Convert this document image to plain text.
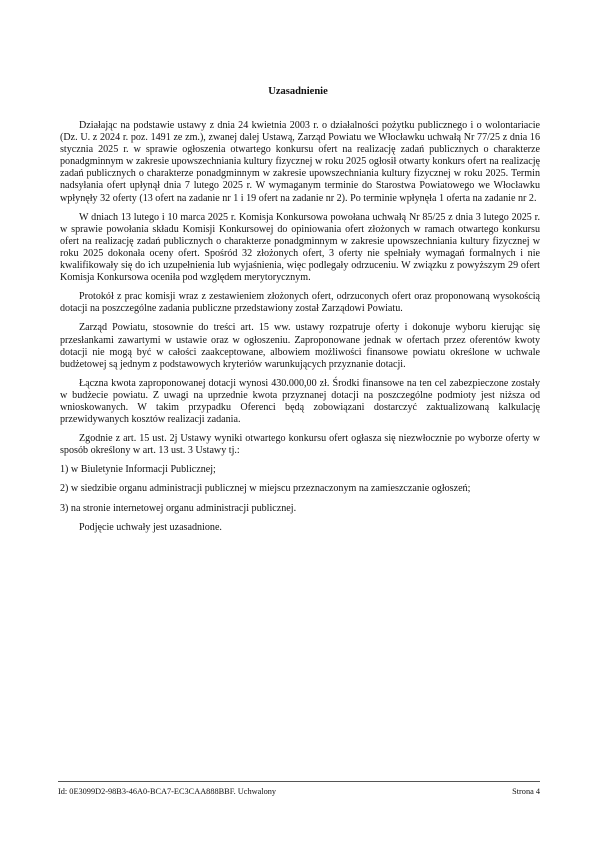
Uzasadnienie

Działając na podstawie ustawy z dnia 24 kwietnia 2003 r. o działalności pożytku publicznego i o wolontariacie (Dz. U. z 2024 r. poz. 1491 ze zm.), zwanej dalej Ustawą, Zarząd Powiatu we Włocławku uchwałą Nr 77/25 z dnia 16 stycznia 2025 r. w sprawie ogłoszenia otwartego konkursu ofert na realizację zadań publicznych o charakterze ponadgminnym w zakresie upowszechniania kultury fizycznej w roku 2025 ogłosił otwarty konkurs ofert na realizację zadań publicznych o charakterze ponadgminnym w zakresie upowszechniania kultury fizycznej w roku 2025. Termin nadsyłania ofert upłynął dnia 7 lutego 2025 r. W wymaganym terminie do Starostwa Powiatowego we Włocławku wpłynęły 32 oferty (13 ofert na zadanie nr 1 i 19 ofert na zadanie nr 2). Po terminie wpłynęła 1 oferta na zadanie nr 2.

W dniach 13 lutego i 10 marca 2025 r. Komisja Konkursowa powołana uchwałą Nr 85/25 z dnia 3 lutego 2025 r. w sprawie powołania składu Komisji Konkursowej do opiniowania ofert złożonych w ramach otwartego konkursu ofert na realizację zadań publicznych o charakterze ponadgminnym w zakresie upowszechniania kultury fizycznej w roku 2025 dokonała oceny ofert. Spośród 32 złożonych ofert, 3 oferty nie spełniały wymagań formalnych i nie kwalifikowały się do ich uzupełnienia lub wyjaśnienia, więc podlegały odrzuceniu. W związku z powyższym 29 ofert Komisja Konkursowa oceniła pod względem merytorycznym.

Protokół z prac komisji wraz z zestawieniem złożonych ofert, odrzuconych ofert oraz proponowaną wysokością dotacji na poszczególne zadania publiczne przedstawiony został Zarządowi Powiatu.

Zarząd Powiatu, stosownie do treści art. 15 ww. ustawy rozpatruje oferty i dokonuje wyboru kierując się przesłankami zawartymi w ustawie oraz w ogłoszeniu. Zaproponowane jednak w ofertach przez oferentów kwoty dotacji nie mogą być w całości zaakceptowane, albowiem możliwości finansowe powiatu określone w uchwale budżetowej są jednym z podstawowych kryteriów warunkujących przyznanie dotacji.

Łączna kwota zaproponowanej dotacji wynosi 430.000,00 zł. Środki finansowe na ten cel zabezpieczone zostały w budżecie powiatu. Z uwagi na uprzednie kwota przyznanej dotacji na poszczególne podmioty jest niższa od wnioskowanych. W takim przypadku Oferenci będą zobowiązani dostarczyć zaktualizowaną kalkulację przewidywanych kosztów realizacji zadania.

Zgodnie z art. 15 ust. 2j Ustawy wyniki otwartego konkursu ofert ogłasza się niezwłocznie po wyborze oferty w sposób określony w art. 13 ust. 3 Ustawy tj.:

1) w Biuletynie Informacji Publicznej;

2) w siedzibie organu administracji publicznej w miejscu przeznaczonym na zamieszczanie ogłoszeń;

3) na stronie internetowej organu administracji publicznej.

Podjęcie uchwały jest uzasadnione.

Id: 0E3099D2-98B3-46A0-BCA7-EC3CAA888BBF. Uchwalony	Strona 4
